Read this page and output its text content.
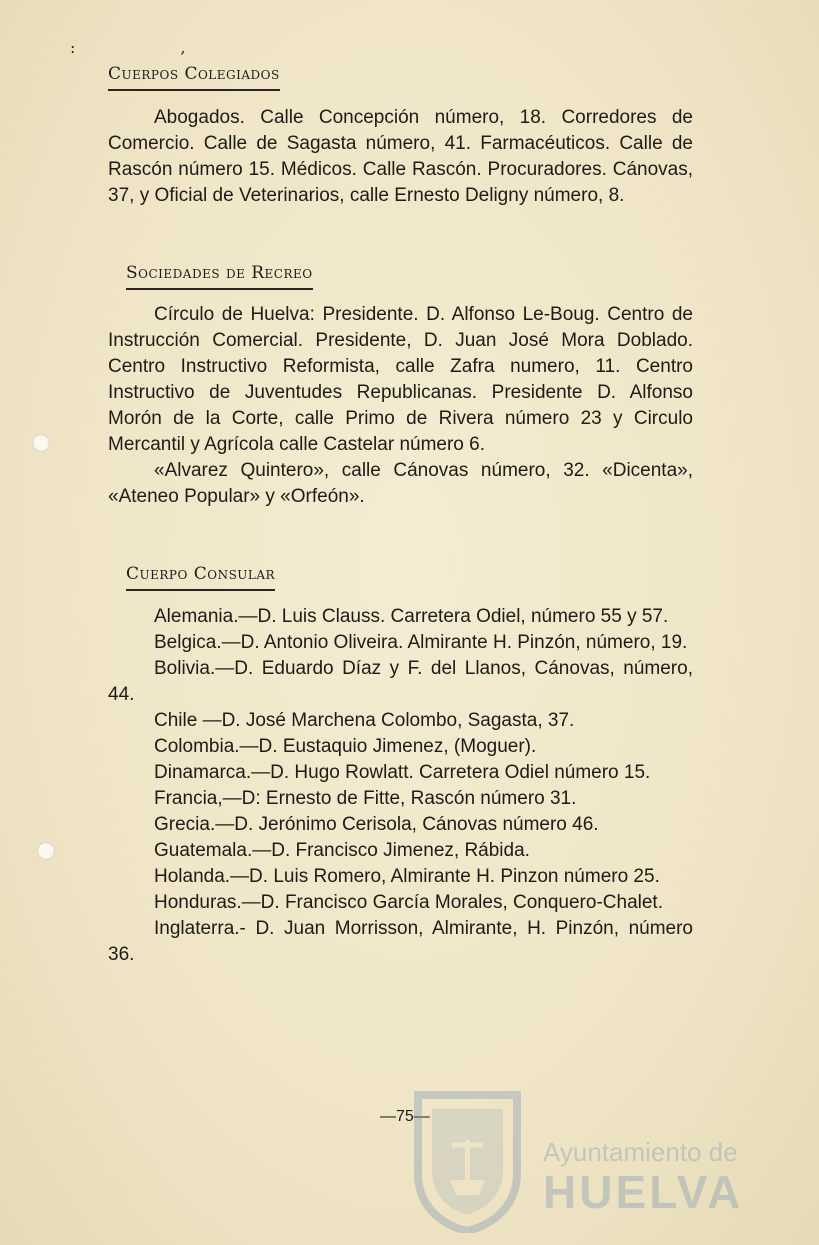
: ,
Cuerpos Colegiados

Abogados. Calle Concepción número, 18. Corredores de Comercio. Calle de Sagasta número, 41. Farmacéuticos. Calle de Rascón número 15. Médicos. Calle Rascón. Procuradores. Cánovas, 37, y Oficial de Veterinarios, calle Ernesto Deligny número, 8.

Sociedades de Recreo

Círculo de Huelva: Presidente. D. Alfonso Le-Boug. Centro de Instrucción Comercial. Presidente, D. Juan José Mora Doblado. Centro Instructivo Reformista, calle Zafra numero, 11. Centro Instructivo de Juventudes Republicanas. Presidente D. Alfonso Morón de la Corte, calle Primo de Rivera número 23 y Circulo Mercantil y Agrícola calle Castelar número 6.

«Alvarez Quintero», calle Cánovas número, 32. «Dicenta», «Ateneo Popular» y «Orfeón».

Cuerpo Consular

Alemania.—D. Luis Clauss. Carretera Odiel, número 55 y 57.

Belgica.—D. Antonio Oliveira. Almirante H. Pinzón, número, 19.

Bolivia.—D. Eduardo Díaz y F. del Llanos, Cánovas, número, 44.

Chile —D. José Marchena Colombo, Sagasta, 37.

Colombia.—D. Eustaquio Jimenez, (Moguer).

Dinamarca.—D. Hugo Rowlatt. Carretera Odiel número 15.

Francia,—D: Ernesto de Fitte, Rascón número 31.

Grecia.—D. Jerónimo Cerisola, Cánovas número 46.

Guatemala.—D. Francisco Jimenez, Rábida.

Holanda.—D. Luis Romero, Almirante H. Pinzon número 25.

Honduras.—D. Francisco García Morales, Conquero-Chalet.

Inglaterra.- D. Juan Morrisson, Almirante, H. Pinzón, número 36.

—75—
Ayuntamiento de
HUELVA
